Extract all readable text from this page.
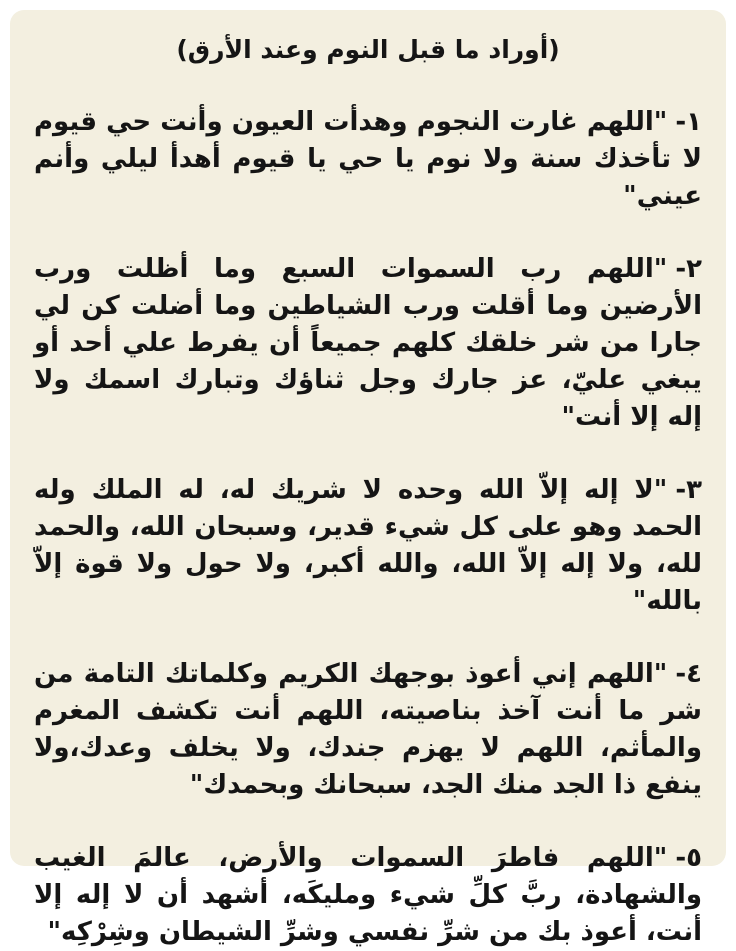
(أوراد ما قبل النوم وعند الأرق)
١-"اللهم غارت النجوم وهدأت العيون وأنت حي قيوم لا تأخذك سنة ولا نوم يا حي يا قيوم أهدأ ليلي وأنم عيني"
٢-"اللهم رب السموات السبع وما أظلت ورب الأرضين وما أقلت ورب الشياطين وما أضلت كن لي جارا من شر خلقك كلهم جميعاً أن يفرط علي أحد أو يبغي عليّ، عز جارك وجل ثناؤك وتبارك اسمك ولا إله إلا أنت"
٣-"لا إله إلاّ الله وحده لا شريك له، له الملك وله الحمد وهو على كل شيء قدير، وسبحان الله، والحمد لله، ولا إله إلاّ الله، والله أكبر، ولا حول ولا قوة إلاّ بالله"
٤-"اللهم إني أعوذ بوجهك الكريم وكلماتك التامة من شر ما أنت آخذ بناصيته، اللهم أنت تكشف المغرم والمأثم، اللهم لا يهزم جندك، ولا يخلف وعدك،ولا ينفع ذا الجد منك الجد، سبحانك وبحمدك"
٥-"اللهم فاطرَ السموات والأرض، عالمَ الغيب والشهادة، ربَّ كلِّ شيء ومليكَه، أشهد أن لا إله إلا أنت، أعوذ بك من شرِّ نفسي وشرِّ الشيطان وشِرْكِه"
